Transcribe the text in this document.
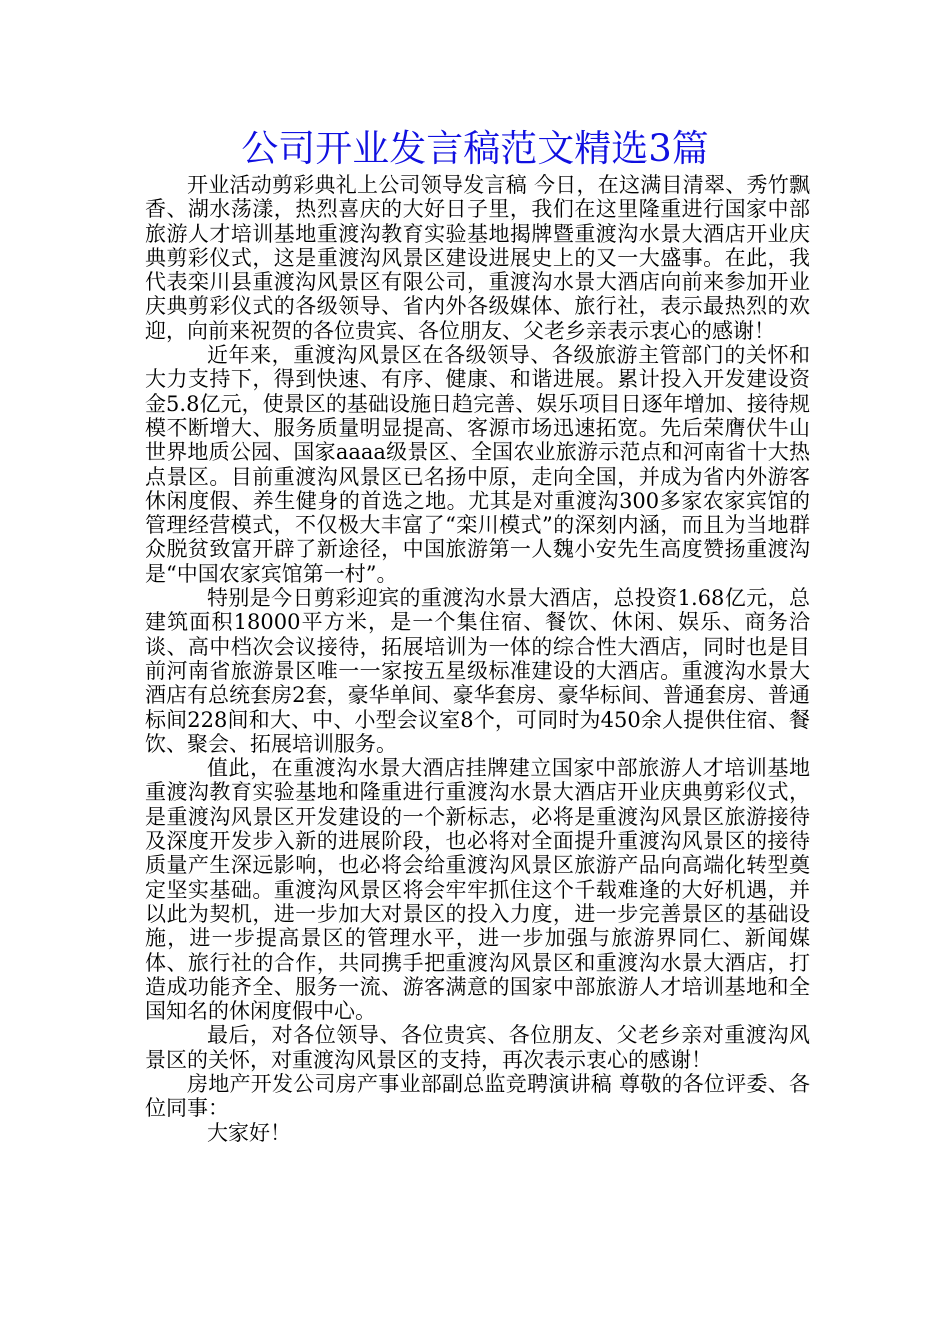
公司开业发言稿范文精选3篇

开业活动剪彩典礼上公司领导发言稿 今日，在这满目清翠、秀竹飘香、湖水荡漾，热烈喜庆的大好日子里，我们在这里隆重进行国家中部旅游人才培训基地重渡沟教育实验基地揭牌暨重渡沟水景大酒店开业庆典剪彩仪式，这是重渡沟风景区建设进展史上的又一大盛事。在此，我代表栾川县重渡沟风景区有限公司，重渡沟水景大酒店向前来参加开业庆典剪彩仪式的各级领导、省内外各级媒体、旅行社，表示最热烈的欢迎，向前来祝贺的各位贵宾、各位朋友、父老乡亲表示衷心的感谢！

近年来，重渡沟风景区在各级领导、各级旅游主管部门的关怀和大力支持下，得到快速、有序、健康、和谐进展。累计投入开发建设资金5.8亿元，使景区的基础设施日趋完善、娱乐项目日逐年增加、接待规模不断增大、服务质量明显提高、客源市场迅速拓宽。先后荣膺伏牛山世界地质公园、国家aaaa级景区、全国农业旅游示范点和河南省十大热点景区。目前重渡沟风景区已名扬中原，走向全国，并成为省内外游客休闲度假、养生健身的首选之地。尤其是对重渡沟300多家农家宾馆的管理经营模式，不仅极大丰富了“栾川模式”的深刻内涵，而且为当地群众脱贫致富开辟了新途径，中国旅游第一人魏小安先生高度赞扬重渡沟是“中国农家宾馆第一村”。

特别是今日剪彩迎宾的重渡沟水景大酒店，总投资1.68亿元，总建筑面积18000平方米，是一个集住宿、餐饮、休闲、娱乐、商务洽谈、高中档次会议接待，拓展培训为一体的综合性大酒店，同时也是目前河南省旅游景区唯一一家按五星级标准建设的大酒店。重渡沟水景大酒店有总统套房2套，豪华单间、豪华套房、豪华标间、普通套房、普通标间228间和大、中、小型会议室8个，可同时为450余人提供住宿、餐饮、聚会、拓展培训服务。

值此，在重渡沟水景大酒店挂牌建立国家中部旅游人才培训基地重渡沟教育实验基地和隆重进行重渡沟水景大酒店开业庆典剪彩仪式，是重渡沟风景区开发建设的一个新标志，必将是重渡沟风景区旅游接待及深度开发步入新的进展阶段，也必将对全面提升重渡沟风景区的接待质量产生深远影响，也必将会给重渡沟风景区旅游产品向高端化转型奠定坚实基础。重渡沟风景区将会牢牢抓住这个千载难逢的大好机遇，并以此为契机，进一步加大对景区的投入力度，进一步完善景区的基础设施，进一步提高景区的管理水平，进一步加强与旅游界同仁、新闻媒体、旅行社的合作，共同携手把重渡沟风景区和重渡沟水景大酒店，打造成功能齐全、服务一流、游客满意的国家中部旅游人才培训基地和全国知名的休闲度假中心。

最后，对各位领导、各位贵宾、各位朋友、父老乡亲对重渡沟风景区的关怀，对重渡沟风景区的支持，再次表示衷心的感谢！

房地产开发公司房产事业部副总监竞聘演讲稿 尊敬的各位评委、各位同事：

大家好！
